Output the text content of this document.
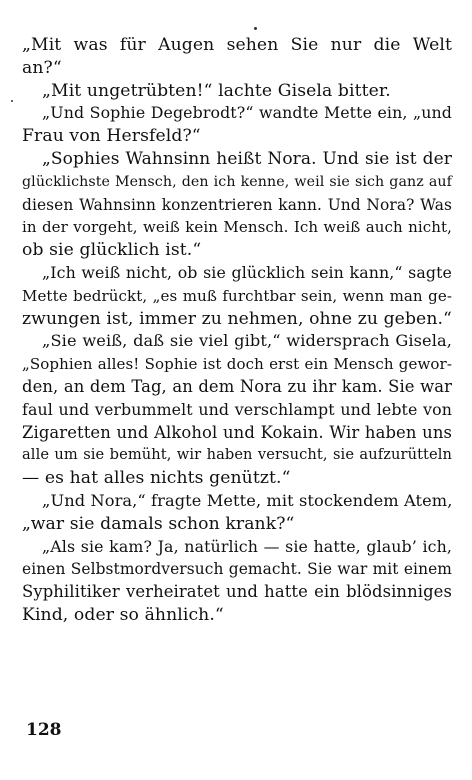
„Mit was für Augen sehen Sie nur die Welt
an?“
„Mit ungetrübten!“ lachte Gisela bitter.
„Und Sophie Degebrodt?“ wandte Mette ein, „und
Frau von Hersfeld?“
„Sophies Wahnsinn heißt Nora. Und sie ist der
glücklichste Mensch, den ich kenne, weil sie sich ganz auf
diesen Wahnsinn konzentrieren kann. Und Nora? Was
in der vorgeht, weiß kein Mensch. Ich weiß auch nicht,
ob sie glücklich ist.“
„Ich weiß nicht, ob sie glücklich sein kann,“ sagte
Mette bedrückt, „es muß furchtbar sein, wenn man ge-
zwungen ist, immer zu nehmen, ohne zu geben.“
„Sie weiß, daß sie viel gibt,“ widersprach Gisela,
„Sophien alles! Sophie ist doch erst ein Mensch gewor-
den, an dem Tag, an dem Nora zu ihr kam. Sie war
faul und verbummelt und verschlampt und lebte von
Zigaretten und Alkohol und Kokain. Wir haben uns
alle um sie bemüht, wir haben versucht, sie aufzurütteln
— es hat alles nichts genützt.“
„Und Nora,“ fragte Mette, mit stockendem Atem,
„war sie damals schon krank?“
„Als sie kam? Ja, natürlich — sie hatte, glaub’ ich,
einen Selbstmordversuch gemacht. Sie war mit einem
Syphilitiker verheiratet und hatte ein blödsinniges
Kind, oder so ähnlich.“
128
